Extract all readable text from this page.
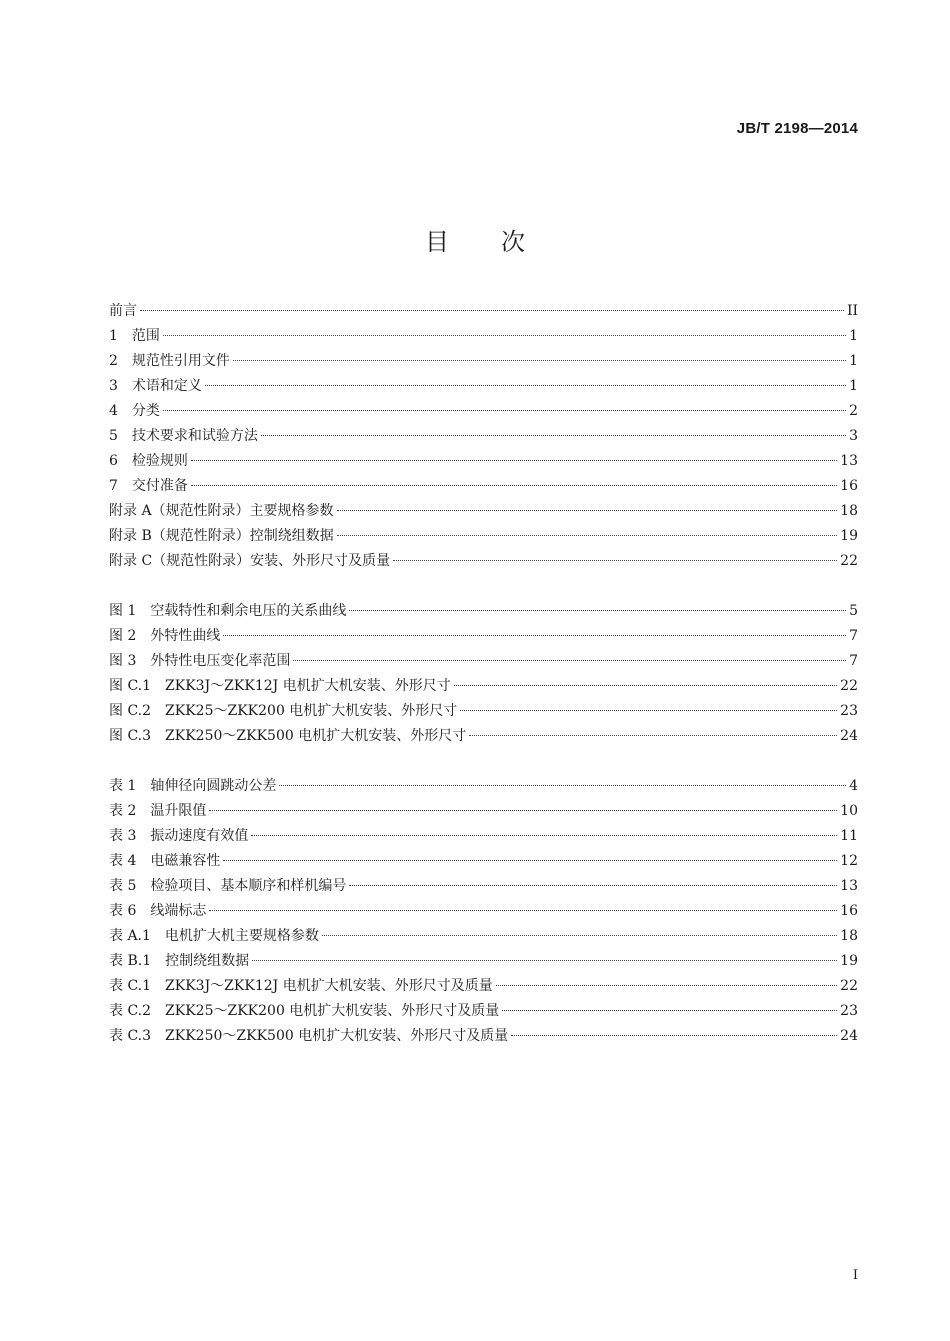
JB/T 2198—2014
目次
前言	II
1　范围	1
2　规范性引用文件	1
3　术语和定义	1
4　分类	2
5　技术要求和试验方法	3
6　检验规则	13
7　交付准备	16
附录 A（规范性附录）主要规格参数	18
附录 B（规范性附录）控制绕组数据	19
附录 C（规范性附录）安装、外形尺寸及质量	22
图 1　空载特性和剩余电压的关系曲线	5
图 2　外特性曲线	7
图 3　外特性电压变化率范围	7
图 C.1　ZKK3J～ZKK12J 电机扩大机安装、外形尺寸	22
图 C.2　ZKK25～ZKK200 电机扩大机安装、外形尺寸	23
图 C.3　ZKK250～ZKK500 电机扩大机安装、外形尺寸	24
表 1　轴伸径向圆跳动公差	4
表 2　温升限值	10
表 3　振动速度有效值	11
表 4　电磁兼容性	12
表 5　检验项目、基本顺序和样机编号	13
表 6　线端标志	16
表 A.1　电机扩大机主要规格参数	18
表 B.1　控制绕组数据	19
表 C.1　ZKK3J～ZKK12J 电机扩大机安装、外形尺寸及质量	22
表 C.2　ZKK25～ZKK200 电机扩大机安装、外形尺寸及质量	23
表 C.3　ZKK250～ZKK500 电机扩大机安装、外形尺寸及质量	24
I
